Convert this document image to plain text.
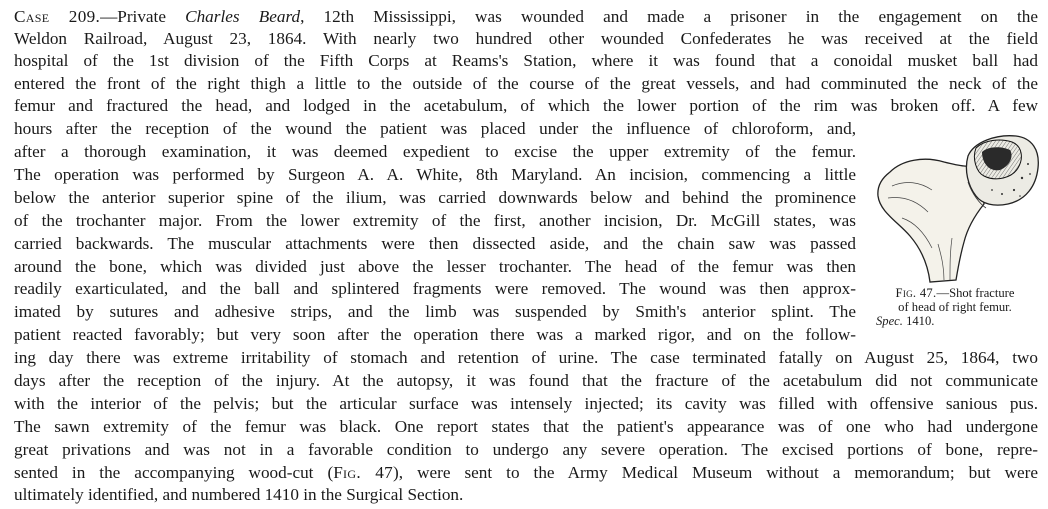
Case 209.—Private Charles Beard, 12th Mississippi, was wounded and made a prisoner in the engagement on the
Weldon Railroad, August 23, 1864. With nearly two hundred other wounded Confederates he was received at the field
hospital of the 1st division of the Fifth Corps at Reams's Station, where it was found that a conoidal musket ball had
entered the front of the right thigh a little to the outside of the course of the great vessels, and had comminuted the neck of the
femur and fractured the head, and lodged in the acetabulum, of which the lower portion of the rim was broken off. A few
hours after the reception of the wound the patient was placed under the influence of chloroform, and,
after a thorough examination, it was deemed expedient to excise the upper extremity of the femur.
The operation was performed by Surgeon A. A. White, 8th Maryland. An incision, commencing a little
below the anterior superior spine of the ilium, was carried downwards below and behind the prominence
of the trochanter major. From the lower extremity of the first, another incision, Dr. McGill states, was
carried backwards. The muscular attachments were then dissected aside, and the chain saw was passed
around the bone, which was divided just above the lesser trochanter. The head of the femur was then
readily exarticulated, and the ball and splintered fragments were removed. The wound was then approx-
imated by sutures and adhesive strips, and the limb was suspended by Smith's anterior splint. The
patient reacted favorably; but very soon after the operation there was a marked rigor, and on the follow-
ing day there was extreme irritability of stomach and retention of urine. The case terminated fatally on August 25, 1864, two
days after the reception of the injury. At the autopsy, it was found that the fracture of the acetabulum did not communicate
with the interior of the pelvis; but the articular surface was intensely injected; its cavity was filled with offensive sanious pus.
The sawn extremity of the femur was black. One report states that the patient's appearance was of one who had undergone
great privations and was not in a favorable condition to undergo any severe operation. The excised portions of bone, repre-
sented in the accompanying wood-cut (Fig. 47), were sent to the Army Medical Museum without a memorandum; but were
ultimately identified, and numbered 1410 in the Surgical Section.
Fig. 47.—Shot fracture
of head of right femur.
Spec. 1410.
